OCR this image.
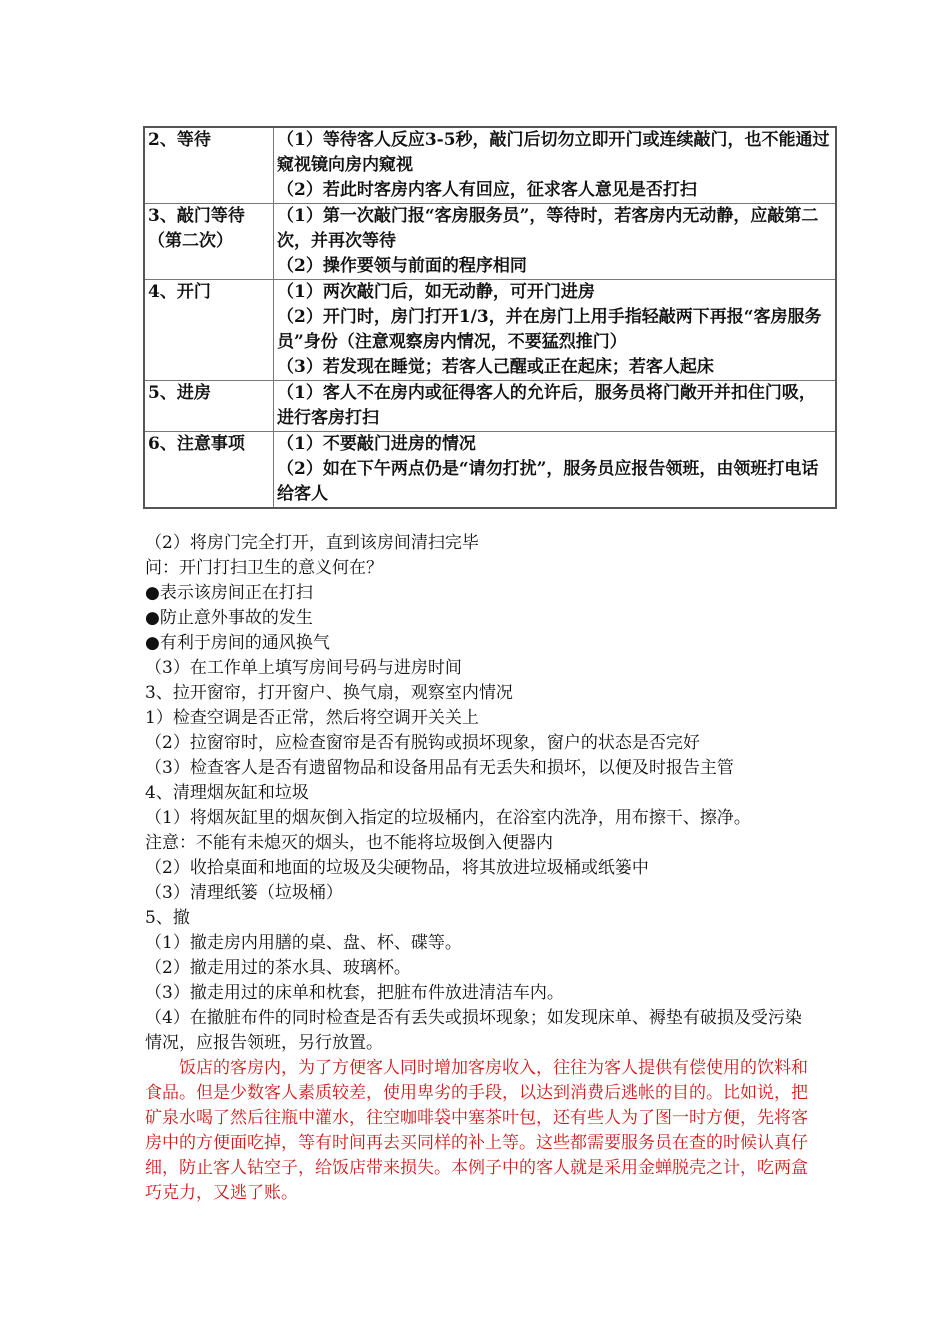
2、等待	（1）等待客人反应3-5秒，敲门后切勿立即开门或连续敲门，也不能通过窥视镜向房内窥视
（2）若此时客房内客人有回应，征求客人意见是否打扫

3、敲门等待（第二次）	（1）第一次敲门报“客房服务员”，等待时，若客房内无动静，应敲第二次，并再次等待
（2）操作要领与前面的程序相同

4、开门	（1）两次敲门后，如无动静，可开门进房
（2）开门时，房门打开1/3，并在房门上用手指轻敲两下再报“客房服务员”身份（注意观察房内情况，不要猛烈推门）
（3）若发现在睡觉；若客人己醒或正在起床；若客人起床

5、进房	（1）客人不在房内或征得客人的允许后，服务员将门敞开并扣住门吸，进行客房打扫

6、注意事项	（1）不要敲门进房的情况
（2）如在下午两点仍是“请勿打扰”，服务员应报告领班，由领班打电话给客人
（2）将房门完全打开，直到该房间清扫完毕
问：开门打扫卫生的意义何在？
●表示该房间正在打扫
●防止意外事故的发生
●有利于房间的通风换气
（3）在工作单上填写房间号码与进房时间
3、拉开窗帘，打开窗户、换气扇，观察室内情况
1）检查空调是否正常，然后将空调开关关上
（2）拉窗帘时，应检查窗帘是否有脱钩或损坏现象，窗户的状态是否完好
（3）检查客人是否有遗留物品和设备用品有无丢失和损坏，以便及时报告主管
4、清理烟灰缸和垃圾
（1）将烟灰缸里的烟灰倒入指定的垃圾桶内，在浴室内洗净，用布擦干、擦净。
注意：不能有未熄灭的烟头，也不能将垃圾倒入便器内
（2）收拾桌面和地面的垃圾及尖硬物品，将其放进垃圾桶或纸篓中
（3）清理纸篓（垃圾桶）
5、撤
（1）撤走房内用膳的桌、盘、杯、碟等。
（2）撤走用过的茶水具、玻璃杯。
（3）撤走用过的床单和枕套，把脏布件放进清洁车内。
（4）在撤脏布件的同时检查是否有丢失或损坏现象；如发现床单、褥垫有破损及受污染情况，应报告领班，另行放置。
饭店的客房内，为了方便客人同时增加客房收入，往往为客人提供有偿使用的饮料和食品。但是少数客人素质较差，使用卑劣的手段，以达到消费后逃帐的目的。比如说，把矿泉水喝了然后往瓶中灌水，往空咖啡袋中塞茶叶包，还有些人为了图一时方便，先将客房中的方便面吃掉，等有时间再去买同样的补上等。这些都需要服务员在查的时候认真仔细，防止客人钻空子，给饭店带来损失。本例子中的客人就是采用金蝉脱壳之计，吃两盒巧克力，又逃了账。
